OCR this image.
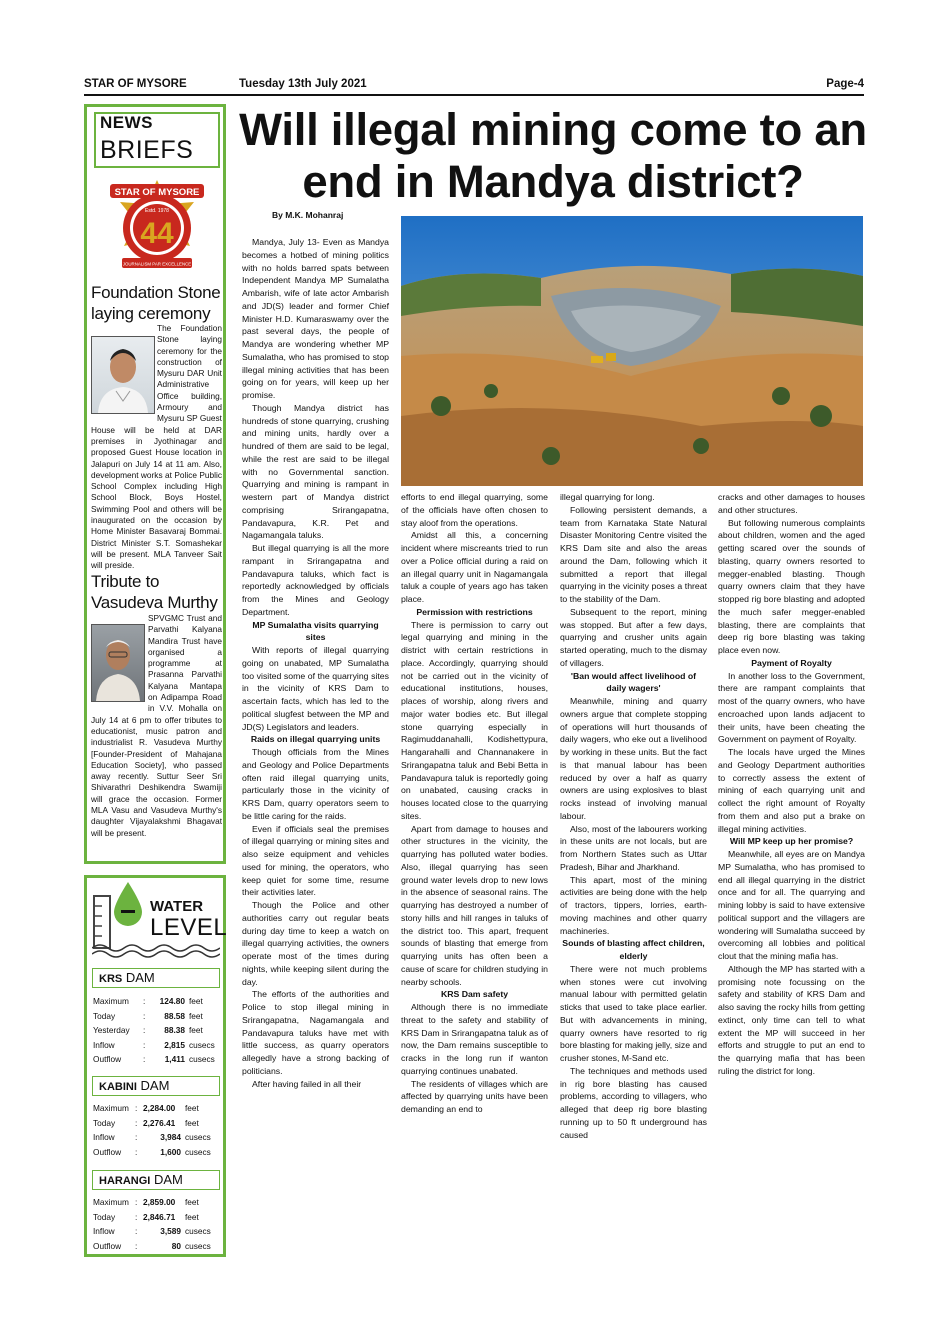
STAR OF MYSORE	Tuesday 13th July 2021	Page-4
NEWS
BRIEFS
STAR OF MYSORE
Estd. 1978
44
JOURNALISM PAR EXCELLENCE
Foundation Stone laying ceremony
The Foundation Stone laying ceremony for the construction of Mysuru DAR Unit Administrative Office building, Armoury and Mysuru SP Guest House will be held at DAR premises in Jyothinagar and proposed Guest House location in Jalapuri on July 14 at 11 am. Also, development works at Police Public School Complex including High School Block, Boys Hostel, Swimming Pool and others will be inaugurated on the occasion by Home Minister Basavaraj Bommai. District Minister S.T. Somashekar will be present. MLA Tanveer Sait will preside.
Tribute to Vasudeva Murthy
SPVGMC Trust and Parvathi Kalyana Mandira Trust have organised a programme at Prasanna Parvathi Kalyana Mantapa on Adipampa Road in V.V. Mohalla on July 14 at 6 pm to offer tributes to educationist, music patron and industrialist R. Vasudeva Murthy [Founder-President of Mahajana Education Society], who passed away recently. Suttur Seer Sri Shivarathri Deshikendra Swamiji will grace the occasion. Former MLA Vasu and Vasudeva Murthy's daughter Vijayalakshmi Bhagavat will be present.
WATER
LEVEL
KRS DAM
Maximum	:	124.80	feet
Today	:	88.58	feet
Yesterday	:	88.38	feet
Inflow	:	2,815	cusecs
Outflow	:	1,411	cusecs
KABINI DAM
Maximum	:	2,284.00	feet
Today	:	2,276.41	feet
Inflow	:	3,984	cusecs
Outflow	:	1,600	cusecs
HARANGI DAM
Maximum	:	2,859.00	feet
Today	:	2,846.71	feet
Inflow	:	3,589	cusecs
Outflow	:	80	cusecs
Will illegal mining come to an end in Mandya district?
By M.K. Mohanraj

Mandya, July 13- Even as Mandya becomes a hotbed of mining politics with no holds barred spats between Independent Mandya MP Sumalatha Ambarish, wife of late actor Ambarish and JD(S) leader and former Chief Minister H.D. Kumaraswamy over the past several days, the people of Mandya are wondering whether MP Sumalatha, who has promised to stop illegal mining activities that has been going on for years, will keep up her promise.

Though Mandya district has hundreds of stone quarrying, crushing and mining units, hardly over a hundred of them are said to be legal, while the rest are said to be illegal with no Governmental sanction. Quarrying and mining is rampant in western part of Mandya district comprising Srirangapatna, Pandavapura, K.R. Pet and Nagamangala taluks.

But illegal quarrying is all the more rampant in Srirangapatna and Pandavapura taluks, which fact is reportedly acknowledged by officials from the Mines and Geology Department.

MP Sumalatha visits quarrying sites

With reports of illegal quarrying going on unabated, MP Sumalatha too visited some of the quarrying sites in the vicinity of KRS Dam to ascertain facts, which has led to the political slugfest between the MP and JD(S) Legislators and leaders.

Raids on illegal quarrying units

Though officials from the Mines and Geology and Police Departments often raid illegal quarrying units, particularly those in the vicinity of KRS Dam, quarry operators seem to be little caring for the raids.

Even if officials seal the premises of illegal quarrying or mining sites and also seize equipment and vehicles used for mining, the operators, who keep quiet for some time, resume their activities later.

Though the Police and other authorities carry out regular beats during day time to keep a watch on illegal quarrying activities, the owners operate most of the times during nights, while keeping silent during the day.

The efforts of the authorities and Police to stop illegal mining in Srirangapatna, Nagamangala and Pandavapura taluks have met with little success, as quarry operators allegedly have a strong backing of politicians.

After having failed in all their

efforts to end illegal quarrying, some of the officials have often chosen to stay aloof from the operations.

Amidst all this, a concerning incident where miscreants tried to run over a Police official during a raid on an illegal quarry unit in Nagamangala taluk a couple of years ago has taken place.

Permission with restrictions

There is permission to carry out legal quarrying and mining in the district with certain restrictions in place. Accordingly, quarrying should not be carried out in the vicinity of educational institutions, houses, places of worship, along rivers and major water bodies etc. But illegal stone quarrying especially in Ragimuddanahalli, Kodishettypura, Hangarahalli and Channanakere in Srirangapatna taluk and Bebi Betta in Pandavapura taluk is reportedly going on unabated, causing cracks in houses located close to the quarrying sites.

Apart from damage to houses and other structures in the vicinity, the quarrying has polluted water bodies. Also, illegal quarrying has seen ground water levels drop to new lows in the absence of seasonal rains. The quarrying has destroyed a number of stony hills and hill ranges in taluks of the district too. This apart, frequent sounds of blasting that emerge from quarrying units has often been a cause of scare for children studying in nearby schools.

KRS Dam safety

Although there is no immediate threat to the safety and stability of KRS Dam in Srirangapatna taluk as of now, the Dam remains susceptible to cracks in the long run if wanton quarrying continues unabated.

The residents of villages which are affected by quarrying units have been demanding an end to

illegal quarrying for long.

Following persistent demands, a team from Karnataka State Natural Disaster Monitoring Centre visited the KRS Dam site and also the areas around the Dam, following which it submitted a report that illegal quarrying in the vicinity poses a threat to the stability of the Dam.

Subsequent to the report, mining was stopped. But after a few days, quarrying and crusher units again started operating, much to the dismay of villagers.

'Ban would affect livelihood of daily wagers'

Meanwhile, mining and quarry owners argue that complete stopping of operations will hurt thousands of daily wagers, who eke out a livelihood by working in these units. But the fact is that manual labour has been reduced by over a half as quarry owners are using explosives to blast rocks instead of involving manual labour.

Also, most of the labourers working in these units are not locals, but are from Northern States such as Uttar Pradesh, Bihar and Jharkhand.

This apart, most of the mining activities are being done with the help of tractors, tippers, lorries, earth-moving machines and other quarry machineries.

Sounds of blasting affect children, elderly

There were not much problems when stones were cut involving manual labour with permitted gelatin sticks that used to take place earlier. But with advancements in mining, quarry owners have resorted to rig bore blasting for making jelly, size and crusher stones, M-Sand etc.

The techniques and methods used in rig bore blasting has caused problems, according to villagers, who alleged that deep rig bore blasting running up to 50 ft underground has caused

cracks and other damages to houses and other structures.

But following numerous complaints about children, women and the aged getting scared over the sounds of blasting, quarry owners resorted to megger-enabled blasting. Though quarry owners claim that they have stopped rig bore blasting and adopted the much safer megger-enabled blasting, there are complaints that deep rig bore blasting was taking place even now.

Payment of Royalty

In another loss to the Government, there are rampant complaints that most of the quarry owners, who have encroached upon lands adjacent to their units, have been cheating the Government on payment of Royalty.

The locals have urged the Mines and Geology Department authorities to correctly assess the extent of mining of each quarrying unit and collect the right amount of Royalty from them and also put a brake on illegal mining activities.

Will MP keep up her promise?

Meanwhile, all eyes are on Mandya MP Sumalatha, who has promised to end all illegal quarrying in the district once and for all. The quarrying and mining lobby is said to have extensive political support and the villagers are wondering will Sumalatha succeed by overcoming all lobbies and political clout that the mining mafia has.

Although the MP has started with a promising note focussing on the safety and stability of KRS Dam and also saving the rocky hills from getting extinct, only time can tell to what extent the MP will succeed in her efforts and struggle to put an end to the quarrying mafia that has been ruling the district for long.
